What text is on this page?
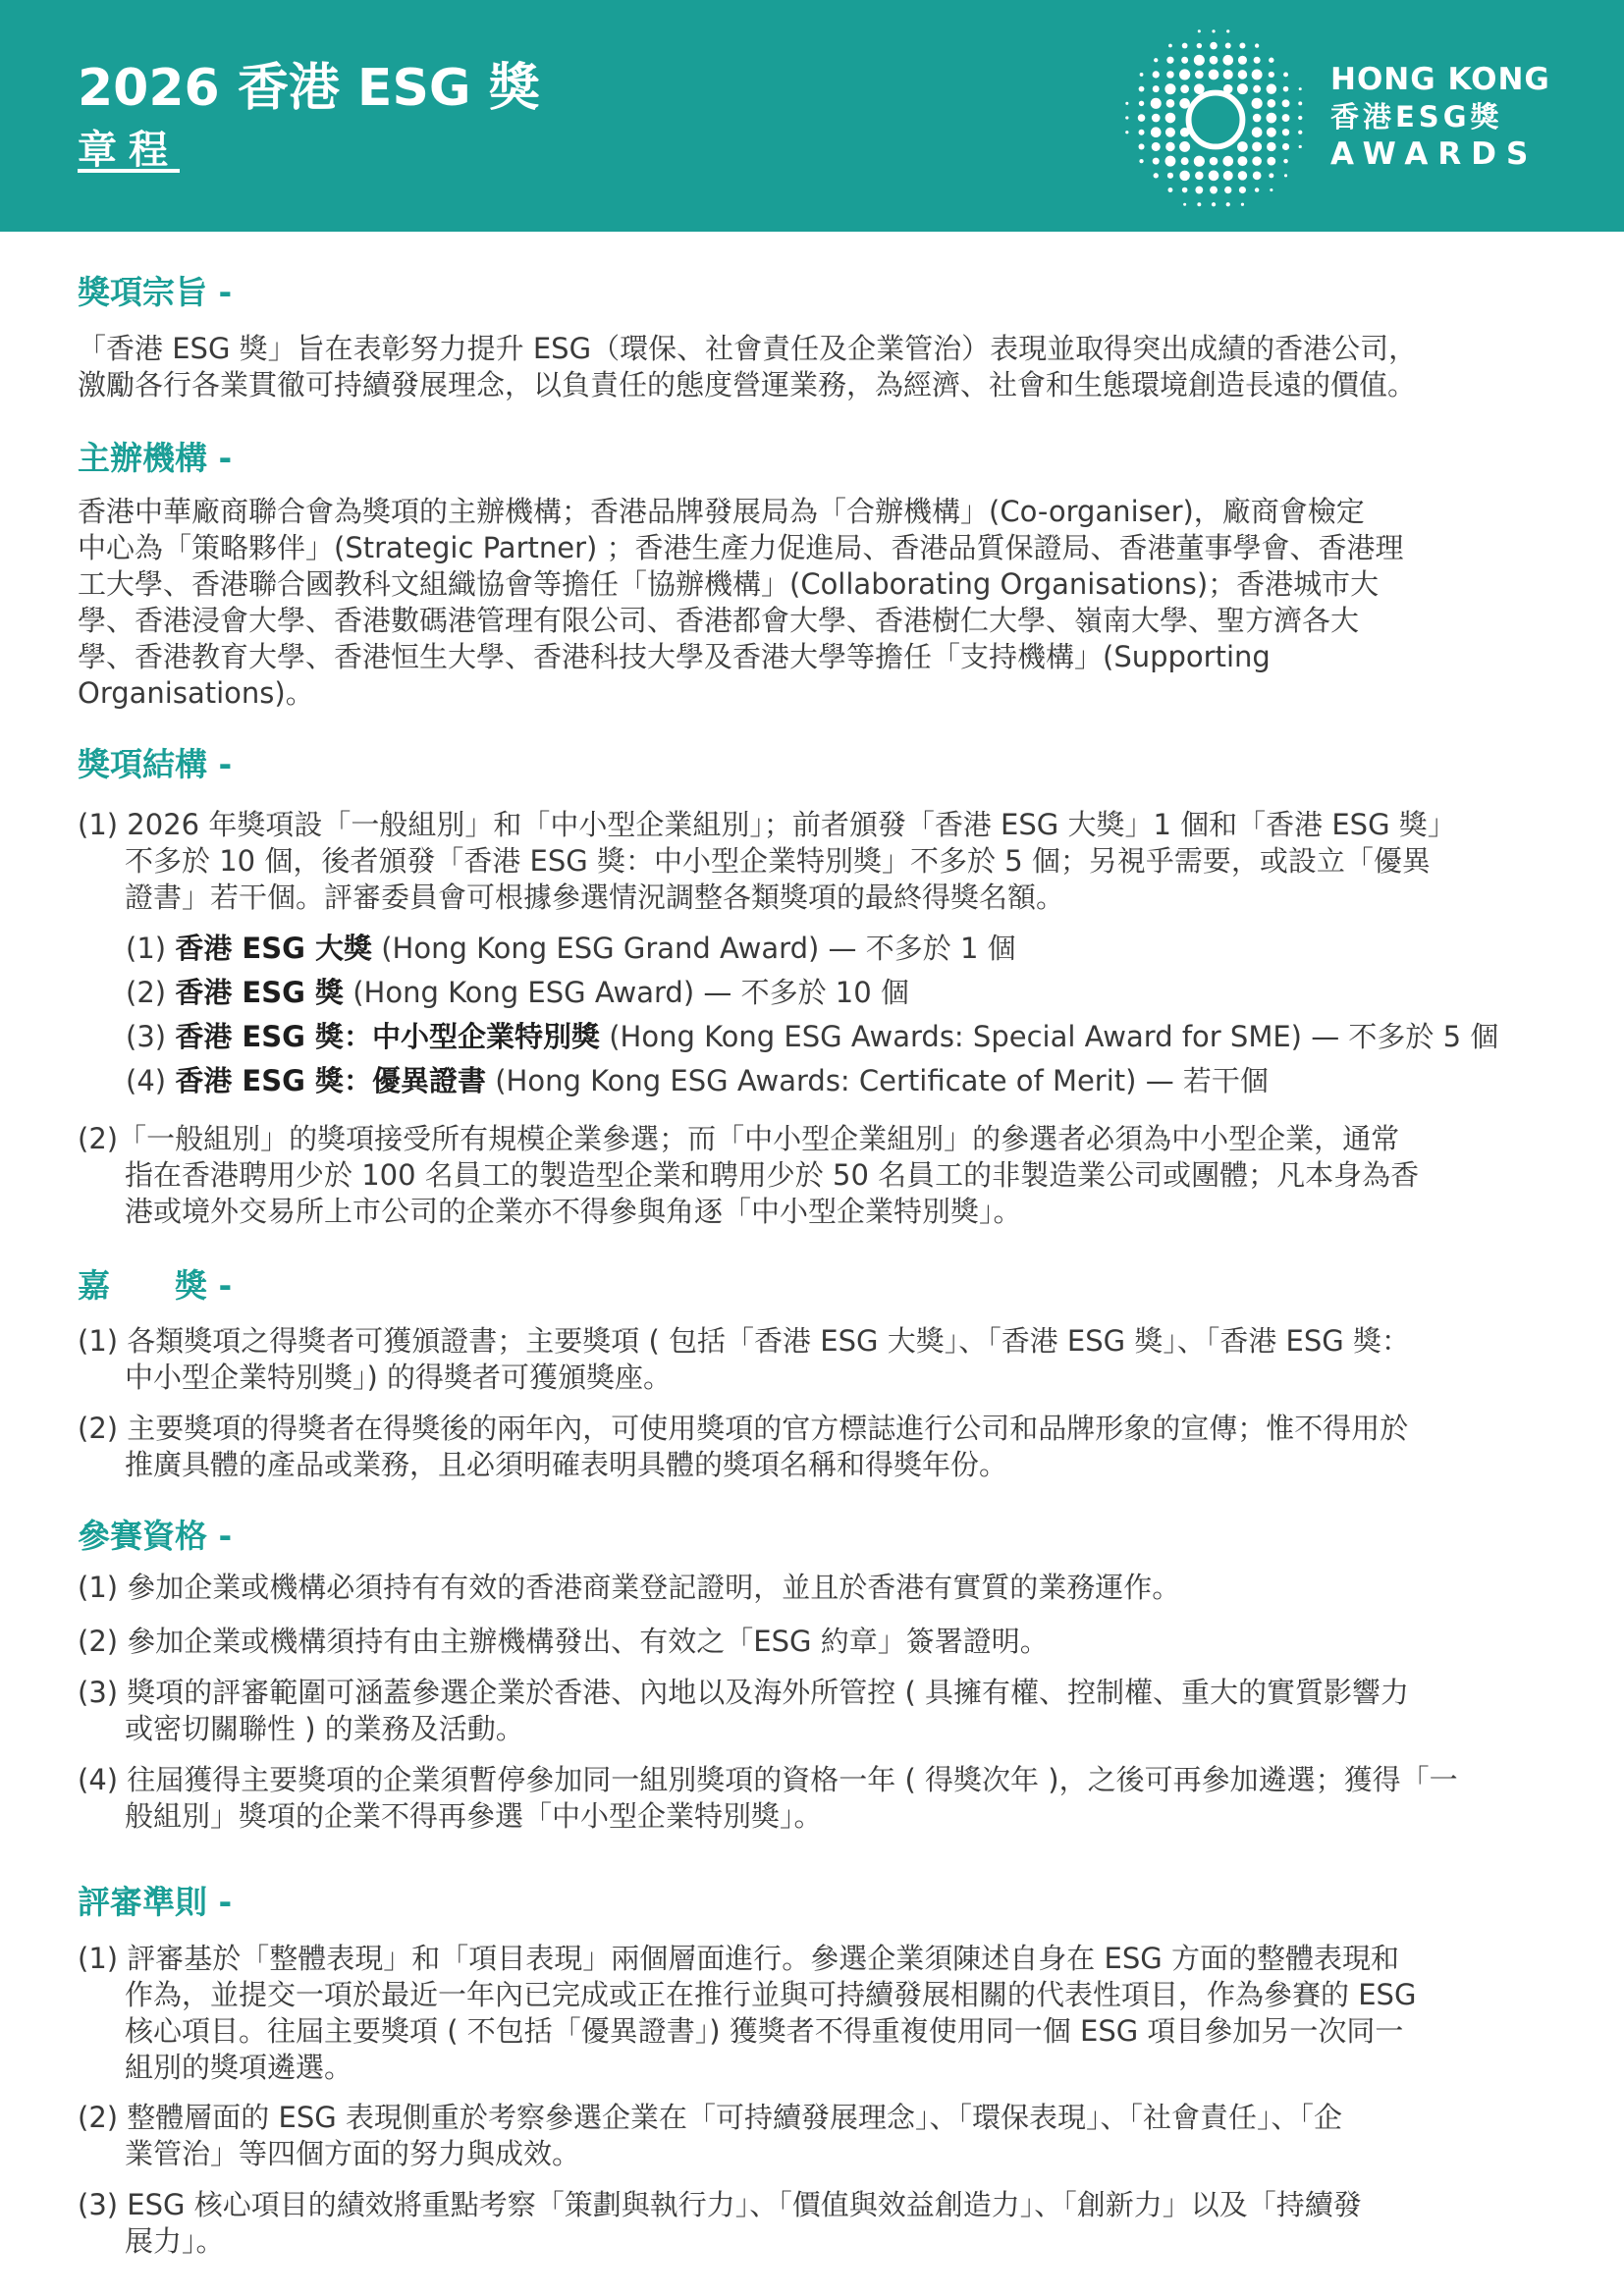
2026 香港 ESG 獎
章程
HONG KONG
香港ESG獎
AWARDS
獎項宗旨 -
「香港 ESG 獎」旨在表彰努力提升 ESG（環保、社會責任及企業管治）表現並取得突出成績的香港公司，
激勵各行各業貫徹可持續發展理念，以負責任的態度營運業務，為經濟、社會和生態環境創造長遠的價值。
主辦機構 -
香港中華廠商聯合會為獎項的主辦機構；香港品牌發展局為「合辦機構」(Co-organiser)，廠商會檢定
中心為「策略夥伴」(Strategic Partner) ；香港生產力促進局、香港品質保證局、香港董事學會、香港理
工大學、香港聯合國教科文組織協會等擔任「協辦機構」(Collaborating Organisations)；香港城市大
學、香港浸會大學、香港數碼港管理有限公司、香港都會大學、香港樹仁大學、嶺南大學、聖方濟各大
學、香港教育大學、香港恒生大學、香港科技大學及香港大學等擔任「支持機構」(Supporting
Organisations)。
獎項結構 -
(1) 2026 年獎項設「一般組別」和「中小型企業組別」；前者頒發「香港 ESG 大獎」1 個和「香港 ESG 獎」
不多於 10 個，後者頒發「香港 ESG 獎：中小型企業特別獎」不多於 5 個；另視乎需要，或設立「優異
證書」若干個。評審委員會可根據參選情況調整各類獎項的最終得獎名額。
(1) 香港 ESG 大獎 (Hong Kong ESG Grand Award) — 不多於 1 個
(2) 香港 ESG 獎 (Hong Kong ESG Award) — 不多於 10 個
(3) 香港 ESG 獎：中小型企業特別獎 (Hong Kong ESG Awards: Special Award for SME) — 不多於 5 個
(4) 香港 ESG 獎：優異證書 (Hong Kong ESG Awards: Certificate of Merit) — 若干個
(2)「一般組別」的獎項接受所有規模企業參選；而「中小型企業組別」的參選者必須為中小型企業，通常
指在香港聘用少於 100 名員工的製造型企業和聘用少於 50 名員工的非製造業公司或團體；凡本身為香
港或境外交易所上市公司的企業亦不得參與角逐「中小型企業特別獎」。
嘉　　獎 -
(1) 各類獎項之得獎者可獲頒證書；主要獎項 ( 包括「香港 ESG 大獎」、「香港 ESG 獎」、「香港 ESG 獎：
中小型企業特別獎」) 的得獎者可獲頒獎座。
(2) 主要獎項的得獎者在得獎後的兩年內，可使用獎項的官方標誌進行公司和品牌形象的宣傳；惟不得用於
推廣具體的產品或業務，且必須明確表明具體的獎項名稱和得獎年份。
參賽資格 -
(1) 參加企業或機構必須持有有效的香港商業登記證明，並且於香港有實質的業務運作。
(2) 參加企業或機構須持有由主辦機構發出、有效之「ESG 約章」簽署證明。
(3) 獎項的評審範圍可涵蓋參選企業於香港、內地以及海外所管控 ( 具擁有權、控制權、重大的實質影響力
或密切關聯性 ) 的業務及活動。
(4) 往屆獲得主要獎項的企業須暫停參加同一組別獎項的資格一年 ( 得獎次年 )，之後可再參加遴選；獲得「一
般組別」獎項的企業不得再參選「中小型企業特別獎」。
評審準則 -
(1) 評審基於「整體表現」和「項目表現」兩個層面進行。參選企業須陳述自身在 ESG 方面的整體表現和
作為，並提交一項於最近一年內已完成或正在推行並與可持續發展相關的代表性項目，作為參賽的 ESG
核心項目。往屆主要獎項 ( 不包括「優異證書」) 獲獎者不得重複使用同一個 ESG 項目參加另一次同一
組別的獎項遴選。
(2) 整體層面的 ESG 表現側重於考察參選企業在「可持續發展理念」、「環保表現」、「社會責任」、「企
業管治」等四個方面的努力與成效。
(3) ESG 核心項目的績效將重點考察「策劃與執行力」、「價值與效益創造力」、「創新力」以及「持續發
展力」。
